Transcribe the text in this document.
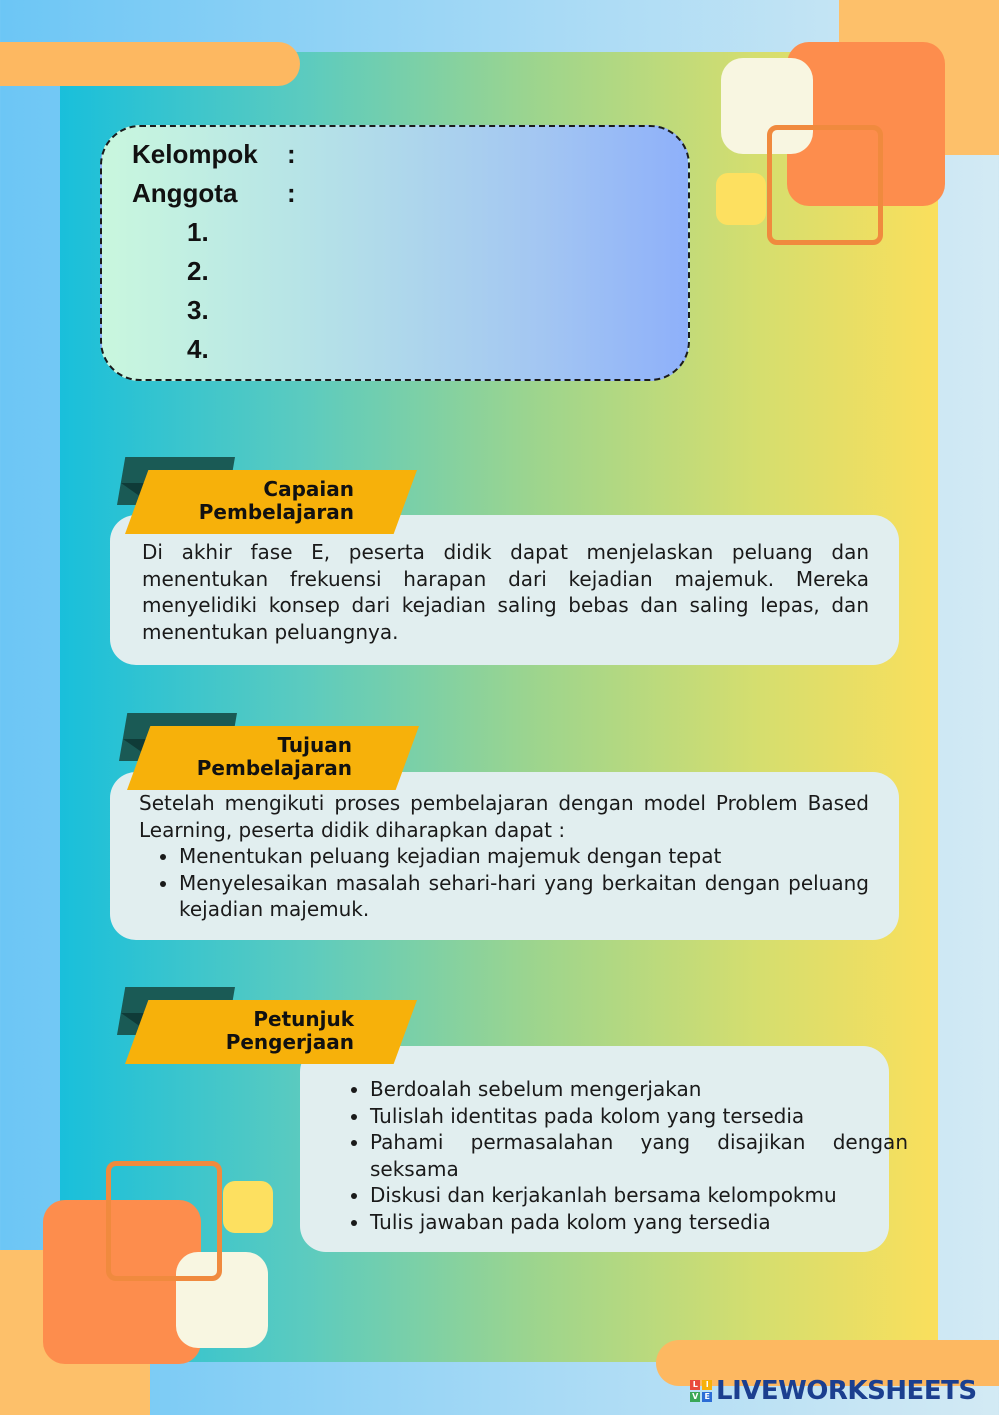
Kelompok :
Anggota :
1.
2.
3.
4.

Di akhir fase E, peserta didik dapat menjelaskan peluang dan menentukan frekuensi harapan dari kejadian majemuk. Mereka menyelidiki konsep dari kejadian saling bebas dan saling lepas, dan menentukan peluangnya.

Capaian
Pembelajaran

Setelah mengikuti proses pembelajaran dengan model Problem Based Learning, peserta didik diharapkan dapat :

• Menentukan peluang kejadian majemuk dengan tepat
• Menyelesaikan masalah sehari-hari yang berkaitan dengan peluang kejadian majemuk.
Tujuan
Pembelajaran
• Berdoalah sebelum mengerjakan
• Tulislah identitas pada kolom yang tersedia
• Pahami permasalahan yang disajikan dengan seksama
• Diskusi dan kerjakanlah bersama kelompokmu
• Tulis jawaban pada kolom yang tersedia
Petunjuk
Pengerjaan
L	I
V E LIVEWORKSHEETS
